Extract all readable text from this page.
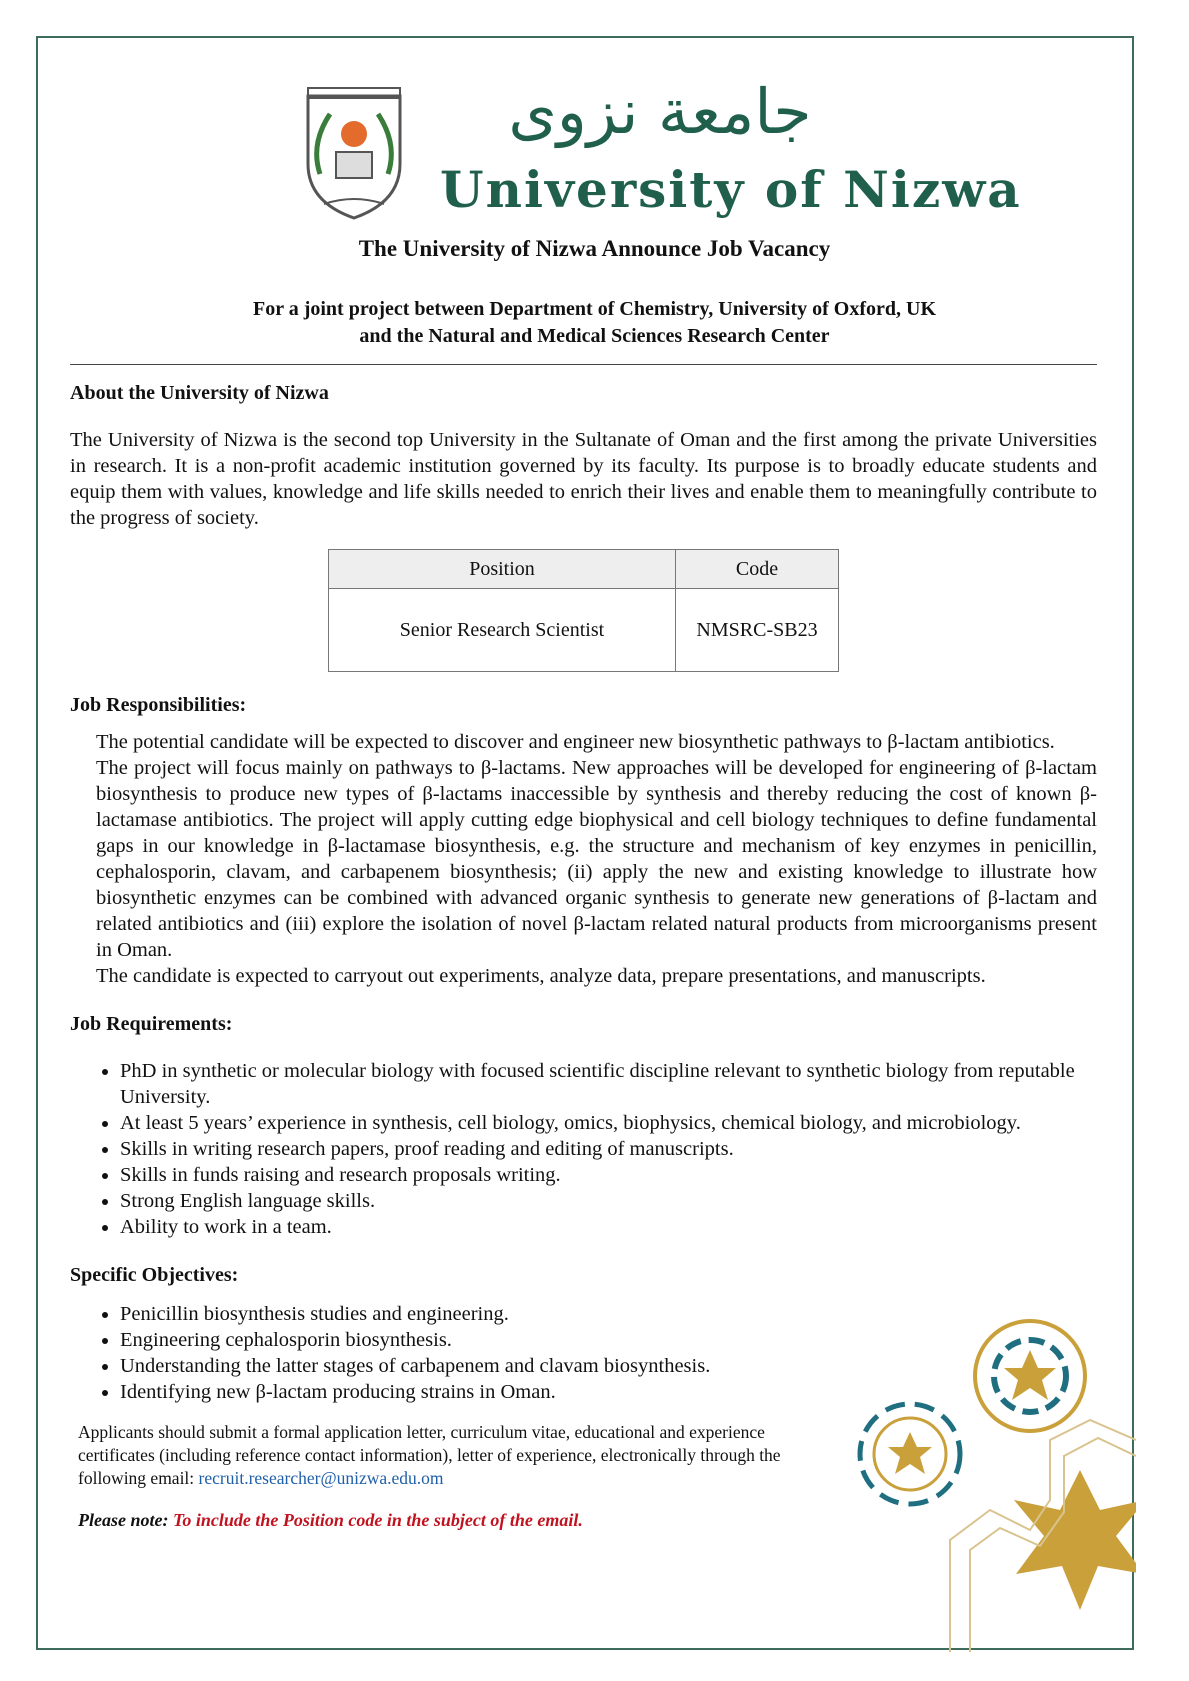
جامعة نزوى
University of Nizwa

The University of Nizwa Announce Job Vacancy

For a joint project between Department of Chemistry, University of Oxford, UK
and the Natural and Medical Sciences Research Center

About the University of Nizwa

The University of Nizwa is the second top University in the Sultanate of Oman and the first among the private Universities in research. It is a non-profit academic institution governed by its faculty. Its purpose is to broadly educate students and equip them with values, knowledge and life skills needed to enrich their lives and enable them to meaningfully contribute to the progress of society.

Position	Code
Senior Research Scientist	NMSRC-SB23
Job Responsibilities:

The potential candidate will be expected to discover and engineer new biosynthetic pathways to β-lactam antibiotics.

The project will focus mainly on pathways to β-lactams. New approaches will be developed for engineering of β-lactam biosynthesis to produce new types of β-lactams inaccessible by synthesis and thereby reducing the cost of known β-lactamase antibiotics. The project will apply cutting edge biophysical and cell biology techniques to define fundamental gaps in our knowledge in β-lactamase biosynthesis, e.g. the structure and mechanism of key enzymes in penicillin, cephalosporin, clavam, and carbapenem biosynthesis; (ii) apply the new and existing knowledge to illustrate how biosynthetic enzymes can be combined with advanced organic synthesis to generate new generations of β-lactam and related antibiotics and (iii) explore the isolation of novel β-lactam related natural products from microorganisms present in Oman.

The candidate is expected to carryout out experiments, analyze data, prepare presentations, and manuscripts.

Job Requirements:
• PhD in synthetic or molecular biology with focused scientific discipline relevant to synthetic biology from reputable University.
• At least 5 years’ experience in synthesis, cell biology, omics, biophysics, chemical biology, and microbiology.
• Skills in writing research papers, proof reading and editing of manuscripts.
• Skills in funds raising and research proposals writing.
• Strong English language skills.
• Ability to work in a team.
Specific Objectives:
• Penicillin biosynthesis studies and engineering.
• Engineering cephalosporin biosynthesis.
• Understanding the latter stages of carbapenem and clavam biosynthesis.
• Identifying new β-lactam producing strains in Oman.

Applicants should submit a formal application letter, curriculum vitae, educational and experience certificates (including reference contact information), letter of experience, electronically through the following email: recruit.researcher@unizwa.edu.om

Please note: To include the Position code in the subject of the email.
